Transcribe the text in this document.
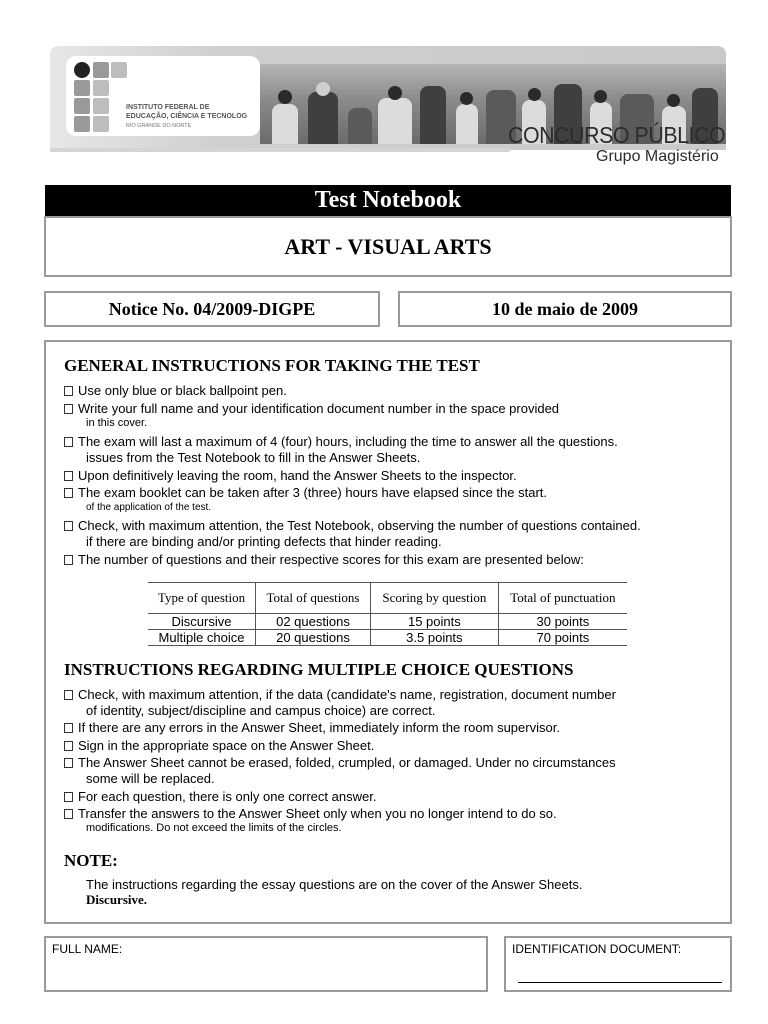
INSTITUTO FEDERAL DE
EDUCAÇÃO, CIÊNCIA E TECNOLOG
RIO GRANDE DO NORTE	CONCURSO PÚBLICO
Grupo Magistério
Test Notebook
ART - VISUAL ARTS
Notice No. 04/2009-DIGPE	10 de maio de 2009
GENERAL INSTRUCTIONS FOR TAKING THE TEST
Use only blue or black ballpoint pen.
Write your full name and your identification document number in the space provided
in this cover.
The exam will last a maximum of 4 (four) hours, including the time to answer all the questions.
issues from the Test Notebook to fill in the Answer Sheets.
Upon definitively leaving the room, hand the Answer Sheets to the inspector.
The exam booklet can be taken after 3 (three) hours have elapsed since the start.
of the application of the test.
Check, with maximum attention, the Test Notebook, observing the number of questions contained.
if there are binding and/or printing defects that hinder reading.
The number of questions and their respective scores for this exam are presented below:
Type of question	Total of questions	Scoring by question	Total of punctuation
Discursive	02 questions	15 points	30 points
Multiple choice	20 questions	3.5 points	70 points
INSTRUCTIONS REGARDING MULTIPLE CHOICE QUESTIONS
Check, with maximum attention, if the data (candidate's name, registration, document number
of identity, subject/discipline and campus choice) are correct.
If there are any errors in the Answer Sheet, immediately inform the room supervisor.
Sign in the appropriate space on the Answer Sheet.
The Answer Sheet cannot be erased, folded, crumpled, or damaged. Under no circumstances
some will be replaced.
For each question, there is only one correct answer.
Transfer the answers to the Answer Sheet only when you no longer intend to do so.
modifications. Do not exceed the limits of the circles.
NOTE:
The instructions regarding the essay questions are on the cover of the Answer Sheets.
Discursive.
FULL NAME:	IDENTIFICATION DOCUMENT:
